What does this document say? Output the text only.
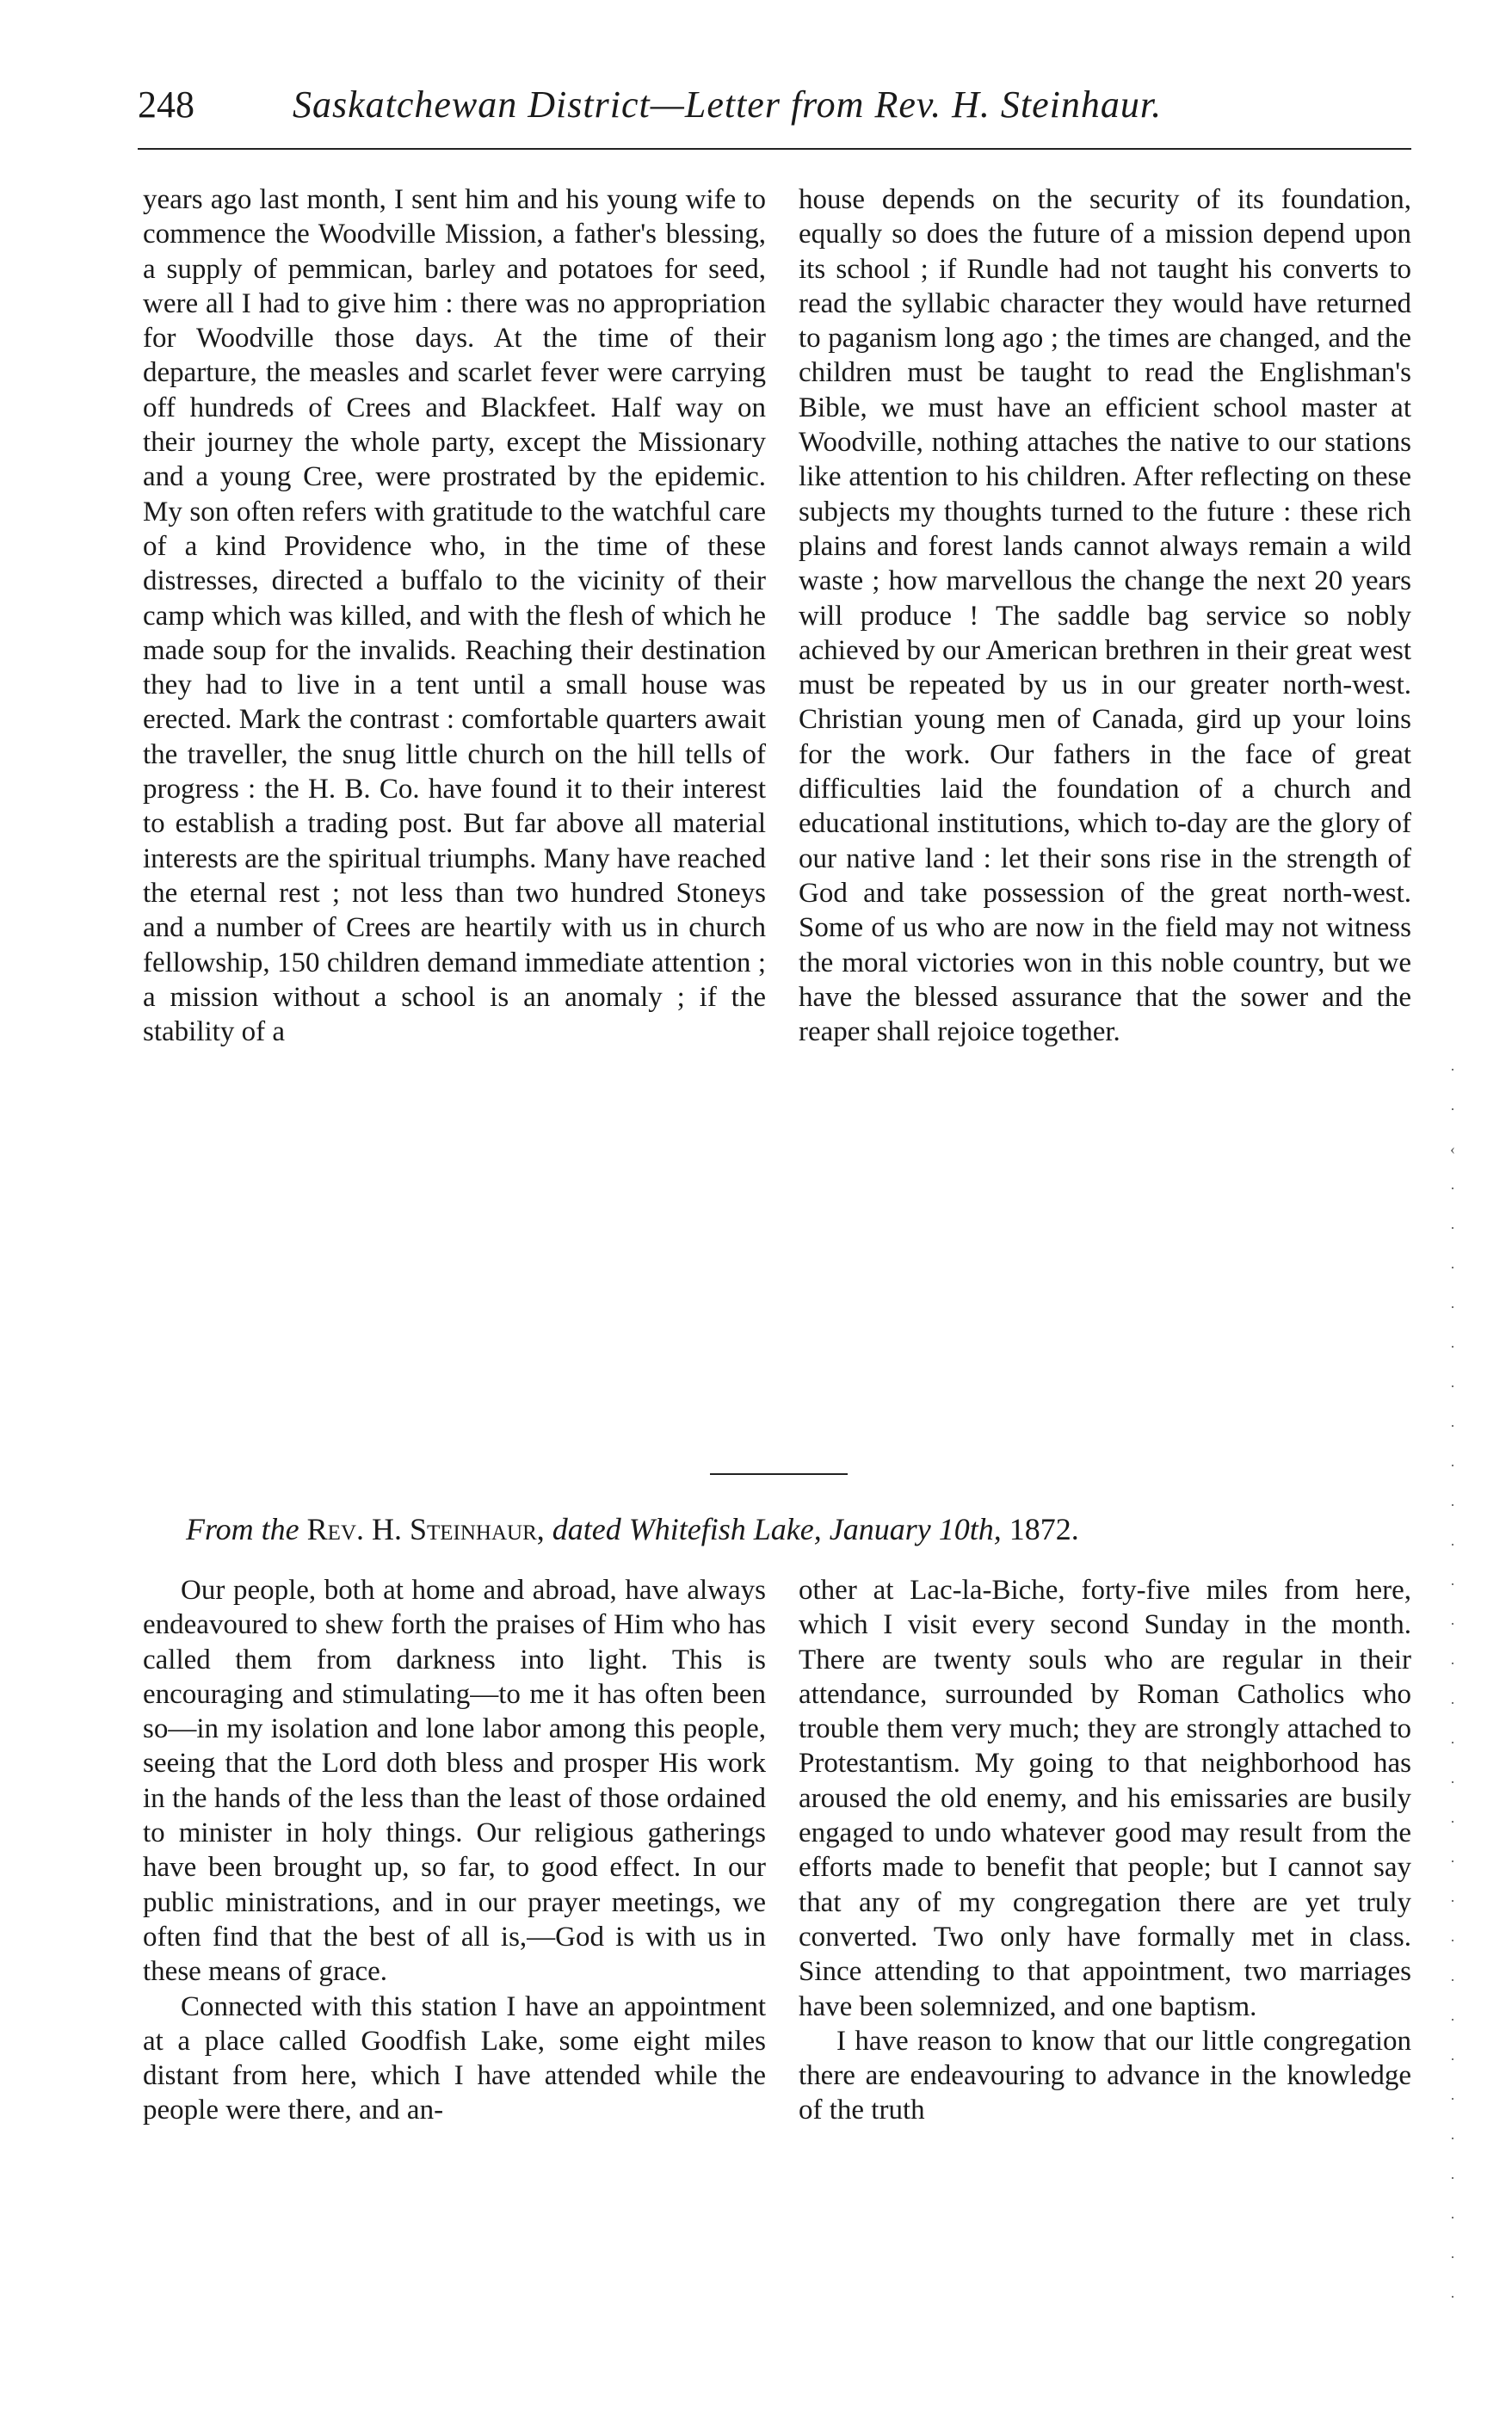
248	Saskatchewan District—Letter from Rev. H. Steinhaur.

years ago last month, I sent him and his young wife to commence the Woodville Mission, a father's blessing, a supply of pemmican, barley and potatoes for seed, were all I had to give him : there was no appropriation for Woodville those days. At the time of their departure, the measles and scarlet fever were carrying off hundreds of Crees and Blackfeet. Half way on their journey the whole party, except the Missionary and a young Cree, were prostrated by the epidemic. My son often refers with gratitude to the watchful care of a kind Providence who, in the time of these distresses, directed a buffalo to the vicinity of their camp which was killed, and with the flesh of which he made soup for the invalids. Reaching their destination they had to live in a tent until a small house was erected. Mark the contrast : comfortable quarters await the traveller, the snug little church on the hill tells of progress : the H. B. Co. have found it to their interest to establish a trading post. But far above all material interests are the spiritual triumphs. Many have reached the eternal rest ; not less than two hundred Stoneys and a number of Crees are heartily with us in church fellowship, 150 children demand immediate attention ; a mission without a school is an anomaly ; if the stability of a

house depends on the security of its foundation, equally so does the future of a mission depend upon its school ; if Rundle had not taught his converts to read the syllabic character they would have returned to paganism long ago ; the times are changed, and the children must be taught to read the Englishman's Bible, we must have an efficient school master at Woodville, nothing attaches the native to our stations like attention to his children. After reflecting on these subjects my thoughts turned to the future : these rich plains and forest lands cannot always remain a wild waste ; how marvellous the change the next 20 years will produce ! The saddle bag service so nobly achieved by our American brethren in their great west must be repeated by us in our greater north-west. Christian young men of Canada, gird up your loins for the work. Our fathers in the face of great difficulties laid the foundation of a church and educational institutions, which to-day are the glory of our native land : let their sons rise in the strength of God and take possession of the great north-west. Some of us who are now in the field may not witness the moral victories won in this noble country, but we have the blessed assurance that the sower and the reaper shall rejoice together.

From the Rev. H. Steinhaur, dated Whitefish Lake, January 10th, 1872.

Our people, both at home and abroad, have always endeavoured to shew forth the praises of Him who has called them from darkness into light. This is encouraging and stimulating—to me it has often been so—in my isolation and lone labor among this people, seeing that the Lord doth bless and prosper His work in the hands of the less than the least of those ordained to minister in holy things. Our religious gatherings have been brought up, so far, to good effect. In our public ministrations, and in our prayer meetings, we often find that the best of all is,—God is with us in these means of grace.

Connected with this station I have an appointment at a place called Goodfish Lake, some eight miles distant from here, which I have attended while the people were there, and an-

other at Lac-la-Biche, forty-five miles from here, which I visit every second Sunday in the month. There are twenty souls who are regular in their attendance, surrounded by Roman Catholics who trouble them very much; they are strongly attached to Protestantism. My going to that neighborhood has aroused the old enemy, and his emissaries are busily engaged to undo whatever good may result from the efforts made to benefit that people; but I cannot say that any of my congregation there are yet truly converted. Two only have formally met in class. Since attending to that appointment, two marriages have been solemnized, and one baptism.

I have reason to know that our little congregation there are endeavouring to advance in the knowledge of the truth

·
·
‹
·
·
·
·
·
·
·
·
·
·
·
·
·
·
·
·
·
·
·
·
·
·
·
·
·
·
·
·
·
